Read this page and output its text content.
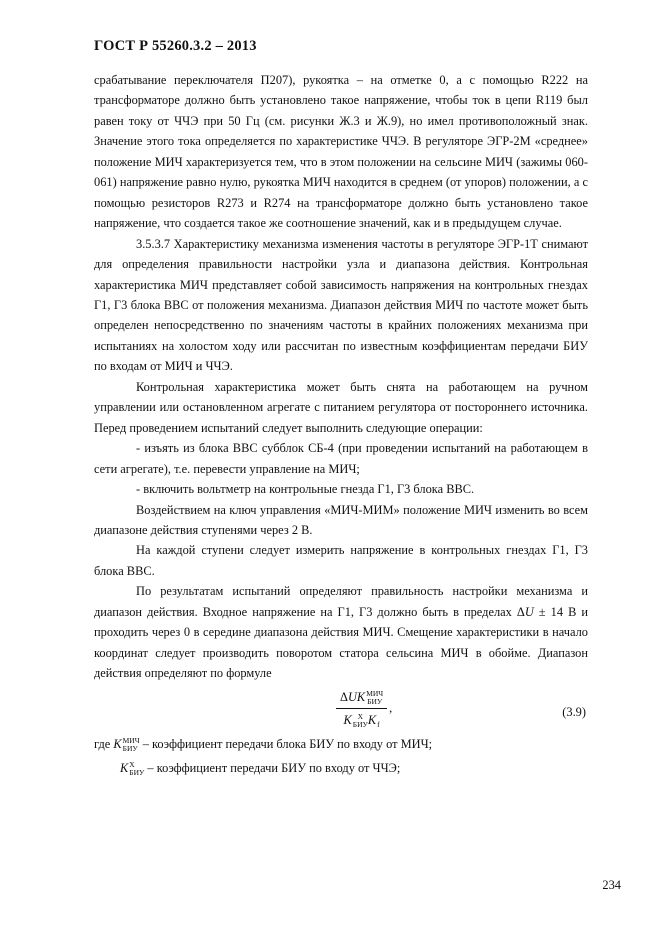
ГОСТ Р 55260.3.2 – 2013

срабатывание переключателя П207), рукоятка – на отметке 0, а с помощью R222 на трансформаторе должно быть установлено такое напряжение, чтобы ток в цепи R119 был равен току от ЧЧЭ при 50 Гц (см. рисунки Ж.3 и Ж.9), но имел противоположный знак. Значение этого тока определяется по характеристике ЧЧЭ. В регуляторе ЭГР-2М «среднее» положение МИЧ характеризуется тем, что в этом положении на сельсине МИЧ (зажимы 060-061) напряжение равно нулю, рукоятка МИЧ находится в среднем (от упоров) положении, а с помощью резисторов R273 и R274 на трансформаторе должно быть установлено такое напряжение, что создается такое же соотношение значений, как и в предыдущем случае.

3.5.3.7 Характеристику механизма изменения частоты в регуляторе ЭГР-1Т снимают для определения правильности настройки узла и диапазона действия. Контрольная характеристика МИЧ представляет собой зависимость напряжения на контрольных гнездах Г1, Г3 блока ВВС от положения механизма. Диапазон действия МИЧ по частоте может быть определен непосредственно по значениям частоты в крайних положениях механизма при испытаниях на холостом ходу или рассчитан по известным коэффициентам передачи БИУ по входам от МИЧ и ЧЧЭ.

Контрольная характеристика может быть снята на работающем на ручном управлении или остановленном агрегате с питанием регулятора от постороннего источника. Перед проведением испытаний следует выполнить следующие операции:

- изъять из блока ВВС субблок СБ-4 (при проведении испытаний на работающем в сети агрегате), т.е. перевести управление на МИЧ;

- включить вольтметр на контрольные гнезда Г1, Г3 блока ВВС.

Воздействием на ключ управления «МИЧ-МИМ» положение МИЧ изменить во всем диапазоне действия ступенями через 2 В.

На каждой ступени следует измерить напряжение в контрольных гнездах Г1, Г3 блока ВВС.

По результатам испытаний определяют правильность настройки механизма и диапазон действия. Входное напряжение на Г1, Г3 должно быть в пределах ΔU ± 14 В и проходить через 0 в середине диапазона действия МИЧ. Смещение характеристики в начало координат следует производить поворотом статора сельсина МИЧ в обойме. Диапазон действия определяют по формуле

ΔUK МИЧ
БИУ
K Х
БИУ K
f ,	(3.9)
где K МИЧ
БИУ – коэффициент передачи блока БИУ по входу от МИЧ;
K Х
БИУ – коэффициент передачи БИУ по входу от ЧЧЭ;
234
